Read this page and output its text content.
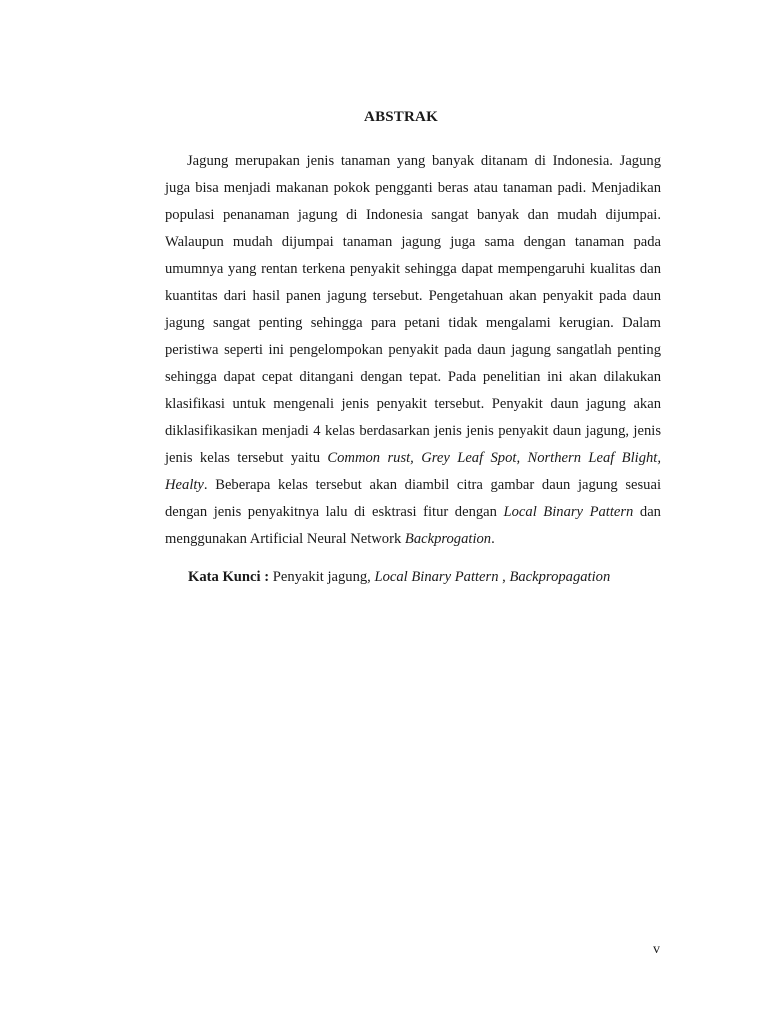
ABSTRAK
Jagung merupakan jenis tanaman yang banyak ditanam di Indonesia. Jagung juga bisa menjadi makanan pokok pengganti beras atau tanaman padi. Menjadikan populasi penanaman jagung di Indonesia sangat banyak dan mudah dijumpai. Walaupun mudah dijumpai tanaman jagung juga sama dengan tanaman pada umumnya yang rentan terkena penyakit sehingga dapat mempengaruhi kualitas dan kuantitas dari hasil panen jagung tersebut. Pengetahuan akan penyakit pada daun jagung sangat penting sehingga para petani tidak mengalami kerugian. Dalam peristiwa seperti ini pengelompokan penyakit pada daun jagung sangatlah penting sehingga dapat cepat ditangani dengan tepat. Pada penelitian ini akan dilakukan klasifikasi untuk mengenali jenis penyakit tersebut. Penyakit daun jagung akan diklasifikasikan menjadi 4 kelas berdasarkan jenis jenis penyakit daun jagung, jenis jenis kelas tersebut yaitu Common rust, Grey Leaf Spot, Northern Leaf Blight, Healty. Beberapa kelas tersebut akan diambil citra gambar daun jagung sesuai dengan jenis penyakitnya lalu di esktrasi fitur dengan Local Binary Pattern dan menggunakan Artificial Neural Network Backprogation.
Kata Kunci : Penyakit jagung, Local Binary Pattern , Backpropagation
v
